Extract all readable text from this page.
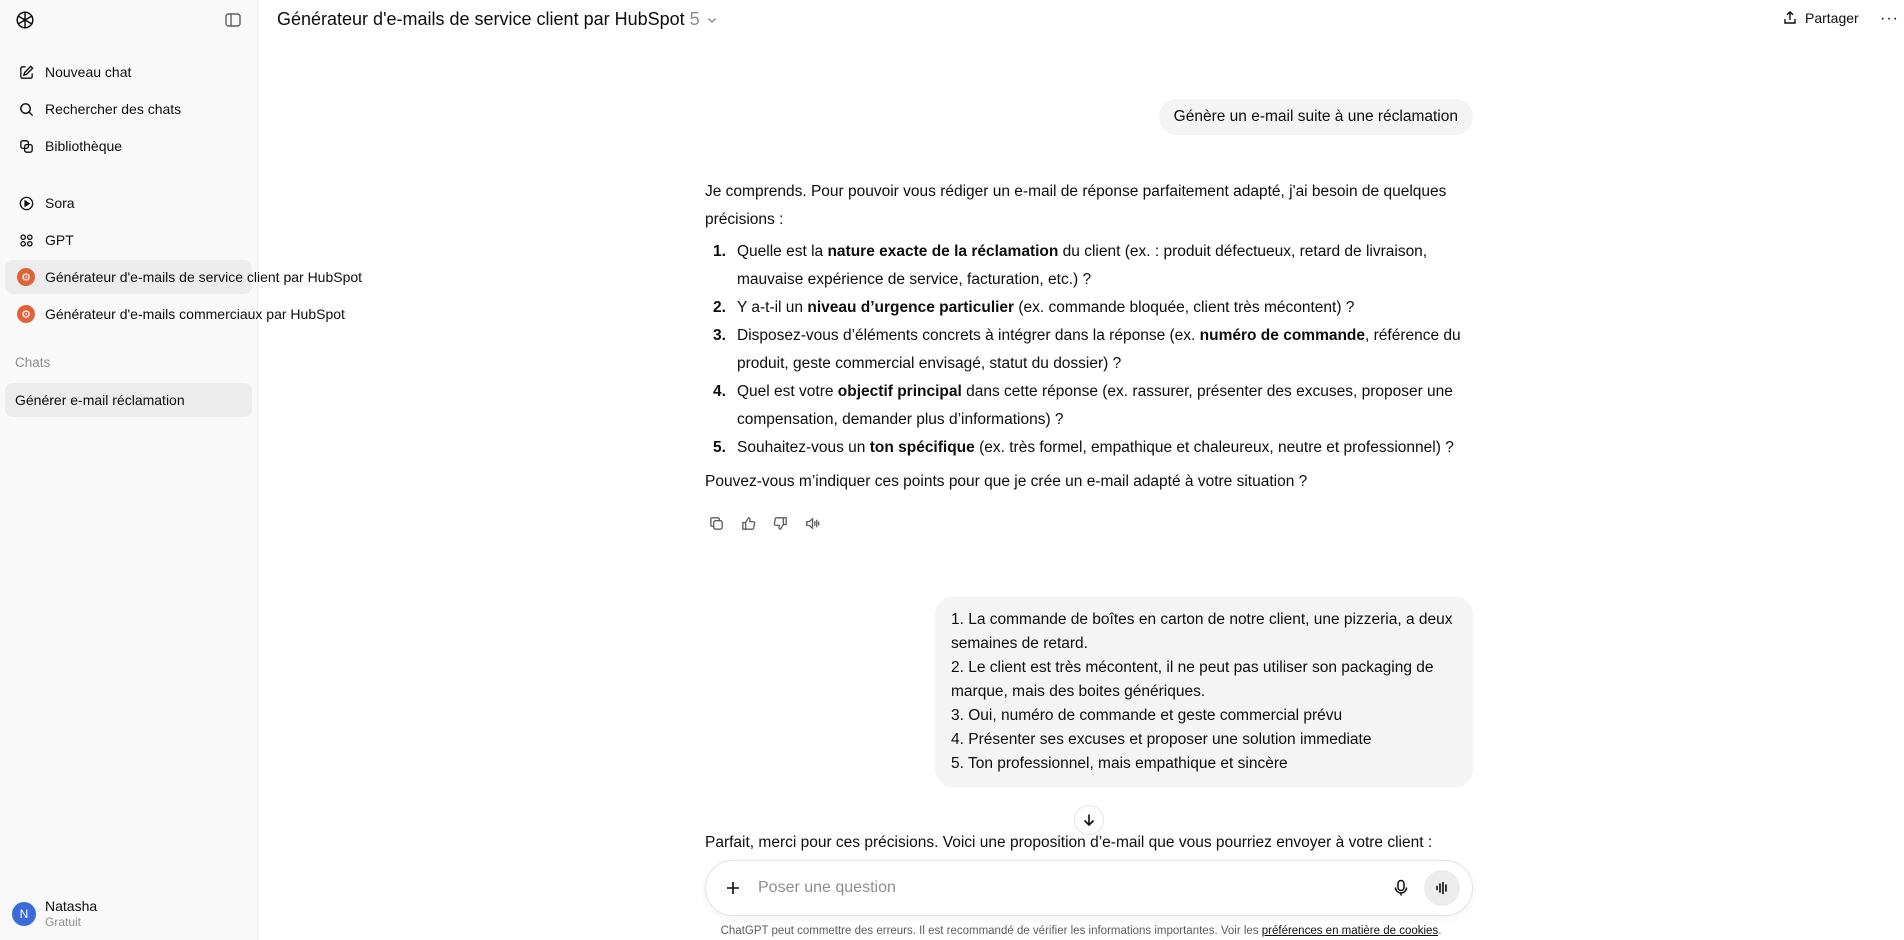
Nouveau chat
Rechercher des chats
Bibliothèque
Sora
GPT
⚙ Générateur d'e-mails de service client par HubSpot
⚙ Générateur d'e-mails commerciaux par HubSpot
Chats
Générer e-mail réclamation
N	Natasha
Gratuit
Générateur d'e-mails de service client par HubSpot 5	Partager ···
Génère un e-mail suite à une réclamation

Je comprends. Pour pouvoir vous rédiger un e-mail de réponse parfaitement adapté, j'ai besoin de quelques précisions :

1. Quelle est la nature exacte de la réclamation du client (ex. : produit défectueux, retard de livraison, mauvaise expérience de service, facturation, etc.) ?
2. Y a-t-il un niveau d’urgence particulier (ex. commande bloquée, client très mécontent) ?
3. Disposez-vous d’éléments concrets à intégrer dans la réponse (ex. numéro de commande, référence du produit, geste commercial envisagé, statut du dossier) ?
4. Quel est votre objectif principal dans cette réponse (ex. rassurer, présenter des excuses, proposer une compensation, demander plus d’informations) ?
5. Souhaitez-vous un ton spécifique (ex. très formel, empathique et chaleureux, neutre et professionnel) ?

Pouvez-vous m’indiquer ces points pour que je crée un e-mail adapté à votre situation ?

1. La commande de boîtes en carton de notre client, une pizzeria, a deux semaines de retard.
2. Le client est très mécontent, il ne peut pas utiliser son packaging de marque, mais des boites génériques.
3. Oui, numéro de commande et geste commercial prévu
4. Présenter ses excuses et proposer une solution immediate
5. Ton professionnel, mais empathique et sincère
Parfait, merci pour ces précisions. Voici une proposition d’e-mail que vous pourriez envoyer à votre client :
Poser une question
ChatGPT peut commettre des erreurs. Il est recommandé de vérifier les informations importantes. Voir les préférences en matière de cookies.
